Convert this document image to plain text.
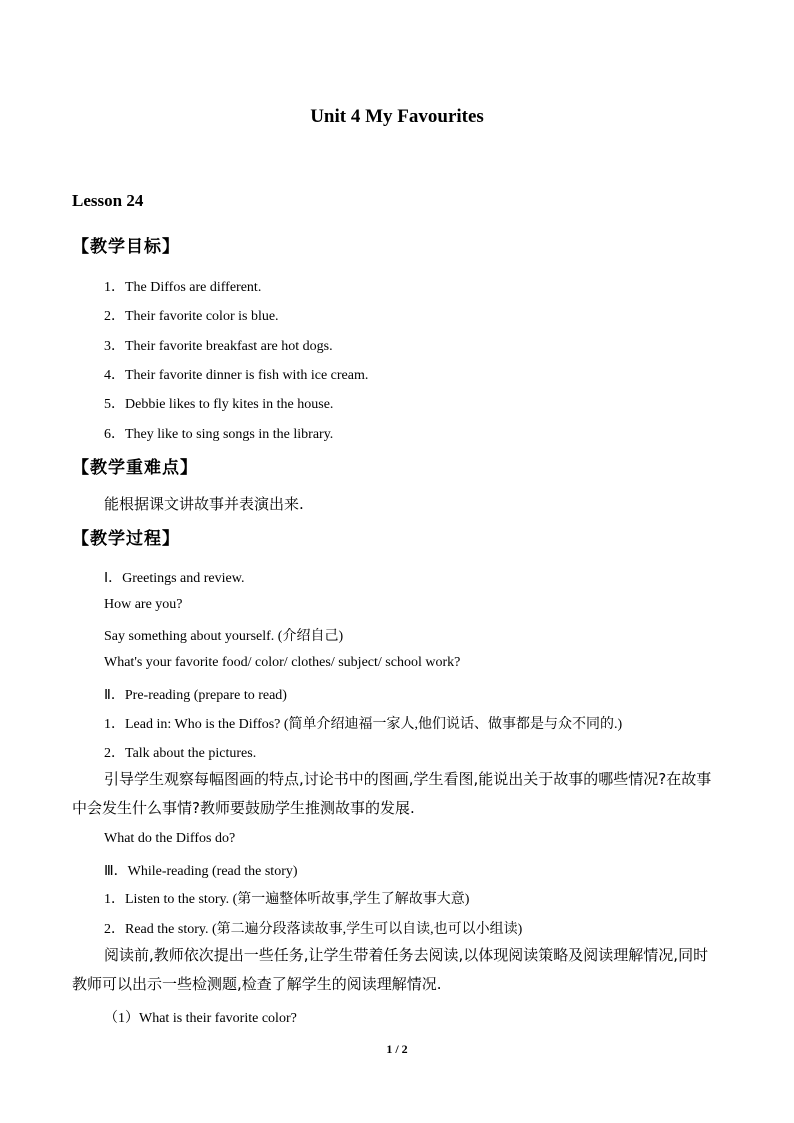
Unit 4 My Favourites
Lesson 24
【教学目标】
1．The Diffos are different.
2．Their favorite color is blue.
3．Their favorite breakfast are hot dogs.
4．Their favorite dinner is fish with ice cream.
5．Debbie likes to fly kites in the house.
6．They like to sing songs in the library.
【教学重难点】
能根据课文讲故事并表演出来.
【教学过程】
Ⅰ．Greetings and review.
How are you?
Say something about yourself. (介绍自己)
What's your favorite food/ color/ clothes/ subject/ school work?
Ⅱ．Pre-reading (prepare to read)
1．Lead in: Who is the Diffos? (简单介绍迪福一家人,他们说话、做事都是与众不同的.)
2．Talk about the pictures.
引导学生观察每幅图画的特点,讨论书中的图画,学生看图,能说出关于故事的哪些情况?在故事中会发生什么事情?教师要鼓励学生推测故事的发展.
What do the Diffos do?
Ⅲ．While-reading (read the story)
1．Listen to the story. (第一遍整体听故事,学生了解故事大意)
2．Read the story. (第二遍分段落读故事,学生可以自读,也可以小组读)
阅读前,教师依次提出一些任务,让学生带着任务去阅读,以体现阅读策略及阅读理解情况,同时教师可以出示一些检测题,检查了解学生的阅读理解情况.
（1）What is their favorite color?
1 / 2
